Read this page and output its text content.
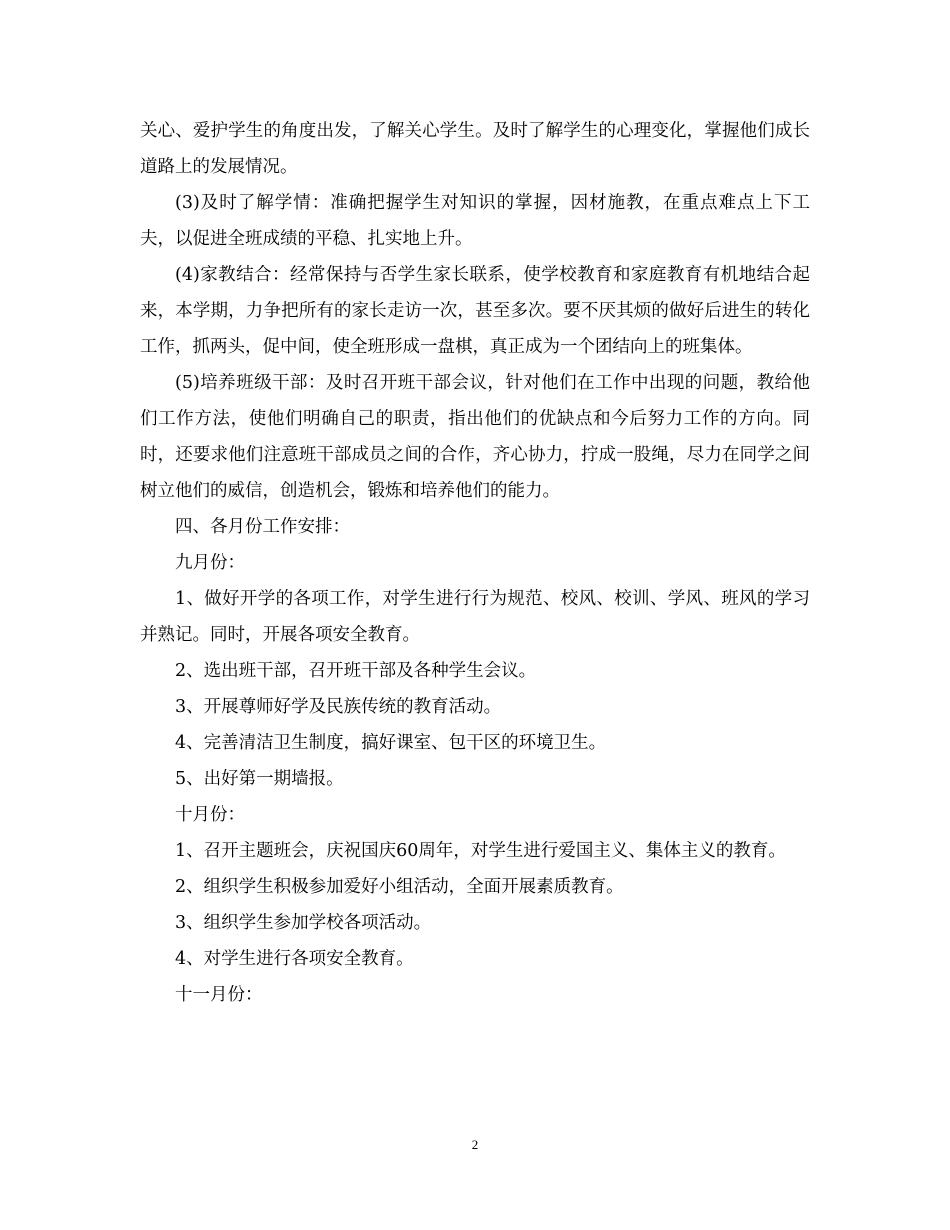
关心、爱护学生的角度出发，了解关心学生。及时了解学生的心理变化，掌握他们成长道路上的发展情况。

(3)及时了解学情：准确把握学生对知识的掌握，因材施教，在重点难点上下工夫，以促进全班成绩的平稳、扎实地上升。

(4)家教结合：经常保持与否学生家长联系，使学校教育和家庭教育有机地结合起来，本学期，力争把所有的家长走访一次，甚至多次。要不厌其烦的做好后进生的转化工作，抓两头，促中间，使全班形成一盘棋，真正成为一个团结向上的班集体。

(5)培养班级干部：及时召开班干部会议，针对他们在工作中出现的问题，教给他们工作方法，使他们明确自己的职责，指出他们的优缺点和今后努力工作的方向。同时，还要求他们注意班干部成员之间的合作，齐心协力，拧成一股绳，尽力在同学之间树立他们的威信，创造机会，锻炼和培养他们的能力。

四、各月份工作安排：

九月份：

1、做好开学的各项工作，对学生进行行为规范、校风、校训、学风、班风的学习并熟记。同时，开展各项安全教育。

2、选出班干部，召开班干部及各种学生会议。

3、开展尊师好学及民族传统的教育活动。

4、完善清洁卫生制度，搞好课室、包干区的环境卫生。

5、出好第一期墙报。

十月份：

1、召开主题班会，庆祝国庆60周年，对学生进行爱国主义、集体主义的教育。

2、组织学生积极参加爱好小组活动，全面开展素质教育。

3、组织学生参加学校各项活动。

4、对学生进行各项安全教育。

十一月份：

2
